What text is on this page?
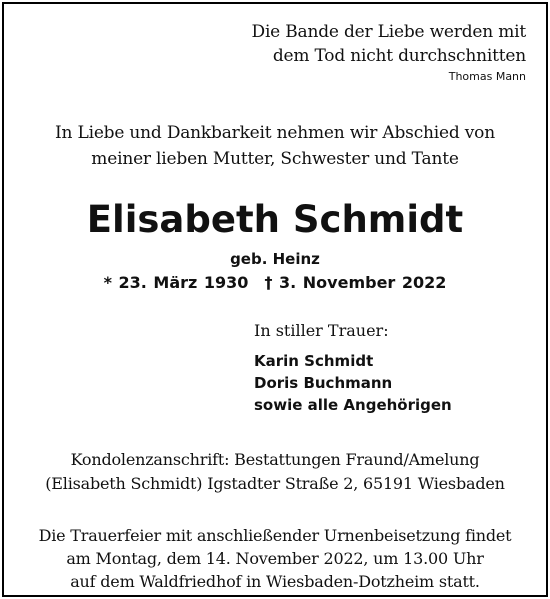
Die Bande der Liebe werden mit
dem Tod nicht durchschnitten
Thomas Mann
In Liebe und Dankbarkeit nehmen wir Abschied von
meiner lieben Mutter, Schwester und Tante
Elisabeth Schmidt
geb. Heinz
* 23. März 1930 † 3. November 2022
In stiller Trauer:
Karin Schmidt
Doris Buchmann
sowie alle Angehörigen
Kondolenzanschrift: Bestattungen Fraund/Amelung
(Elisabeth Schmidt) Igstadter Straße 2, 65191 Wiesbaden
Die Trauerfeier mit anschließender Urnenbeisetzung findet
am Montag, dem 14. November 2022, um 13.00 Uhr
auf dem Waldfriedhof in Wiesbaden-Dotzheim statt.
